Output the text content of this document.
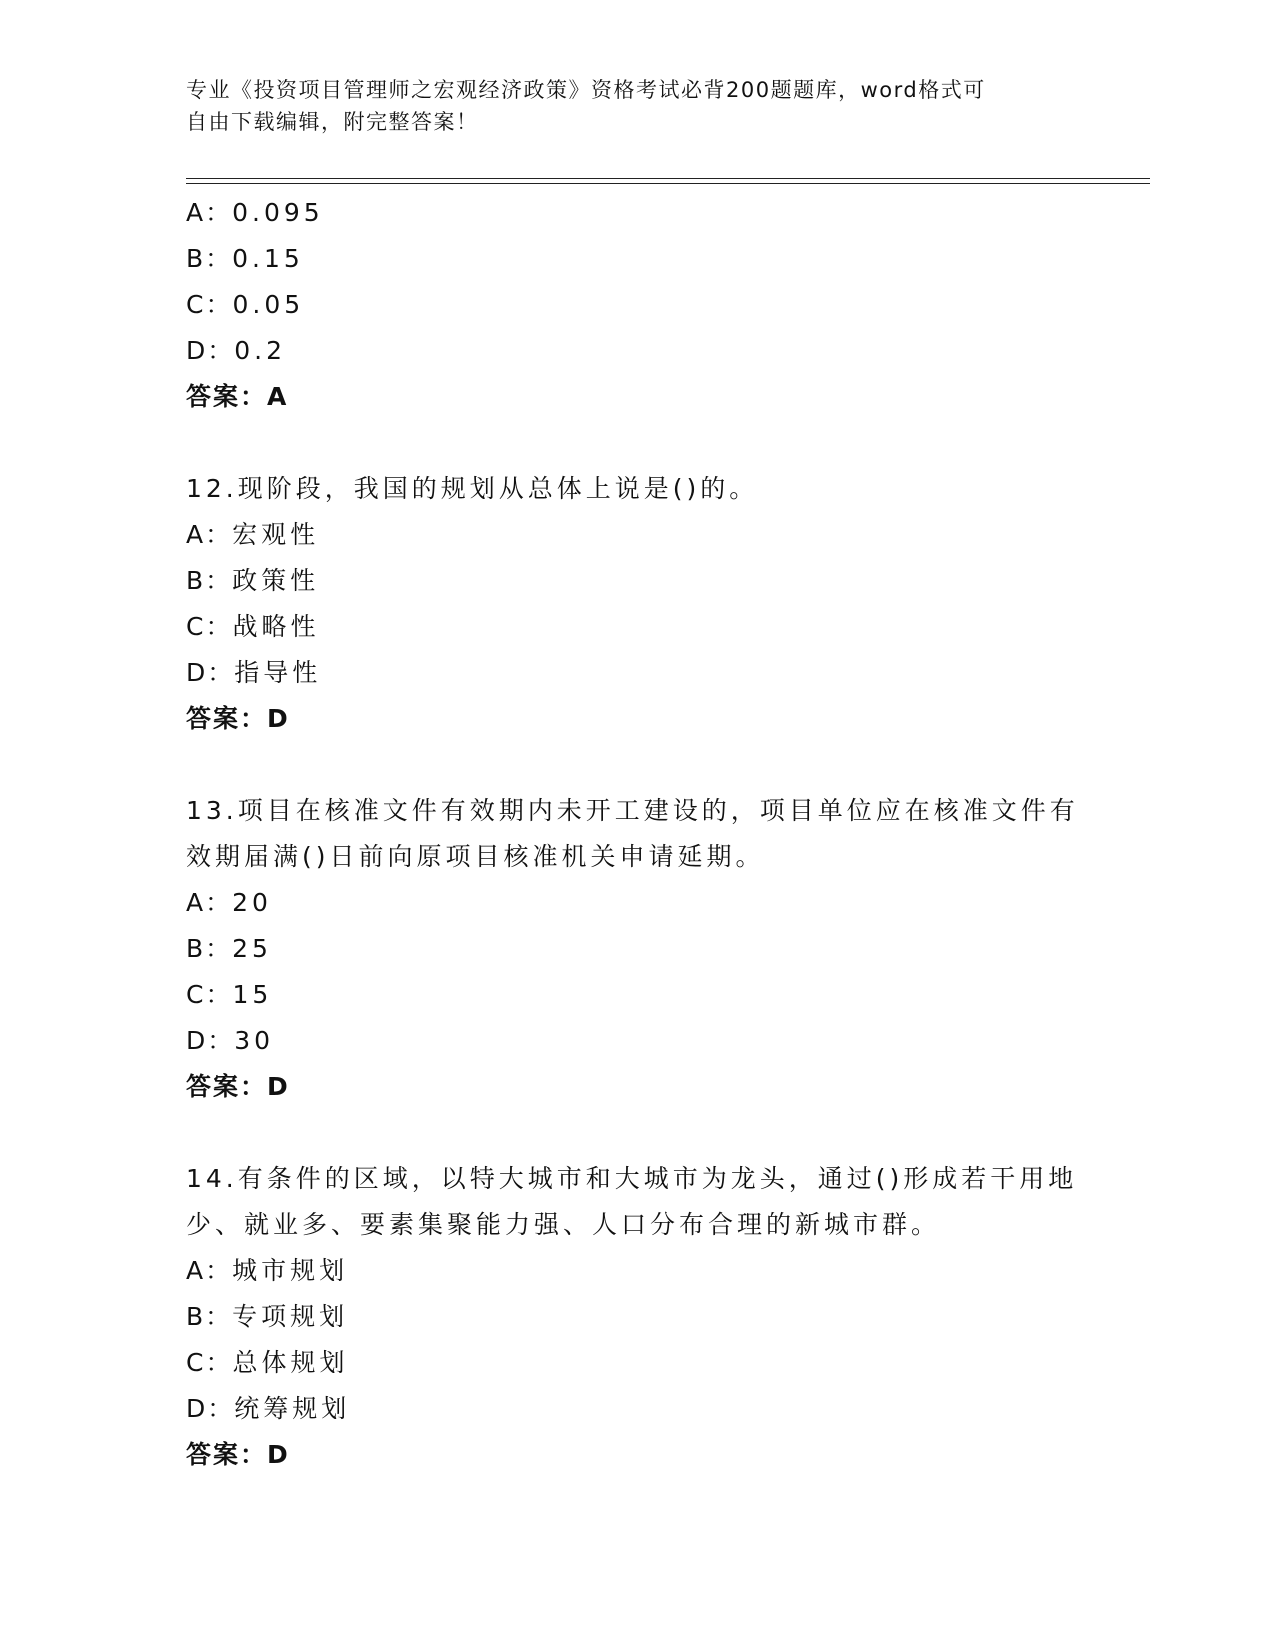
专业《投资项目管理师之宏观经济政策》资格考试必背200题题库，word格式可
自由下载编辑，附完整答案！
A：0.095
B：0.15
C：0.05
D：0.2
答案：A
12.现阶段，我国的规划从总体上说是()的。
A：宏观性
B：政策性
C：战略性
D：指导性
答案：D
13.项目在核准文件有效期内未开工建设的，项目单位应在核准文件有
效期届满()日前向原项目核准机关申请延期。
A：20
B：25
C：15
D：30
答案：D
14.有条件的区域，以特大城市和大城市为龙头，通过()形成若干用地
少、就业多、要素集聚能力强、人口分布合理的新城市群。
A：城市规划
B：专项规划
C：总体规划
D：统筹规划
答案：D
